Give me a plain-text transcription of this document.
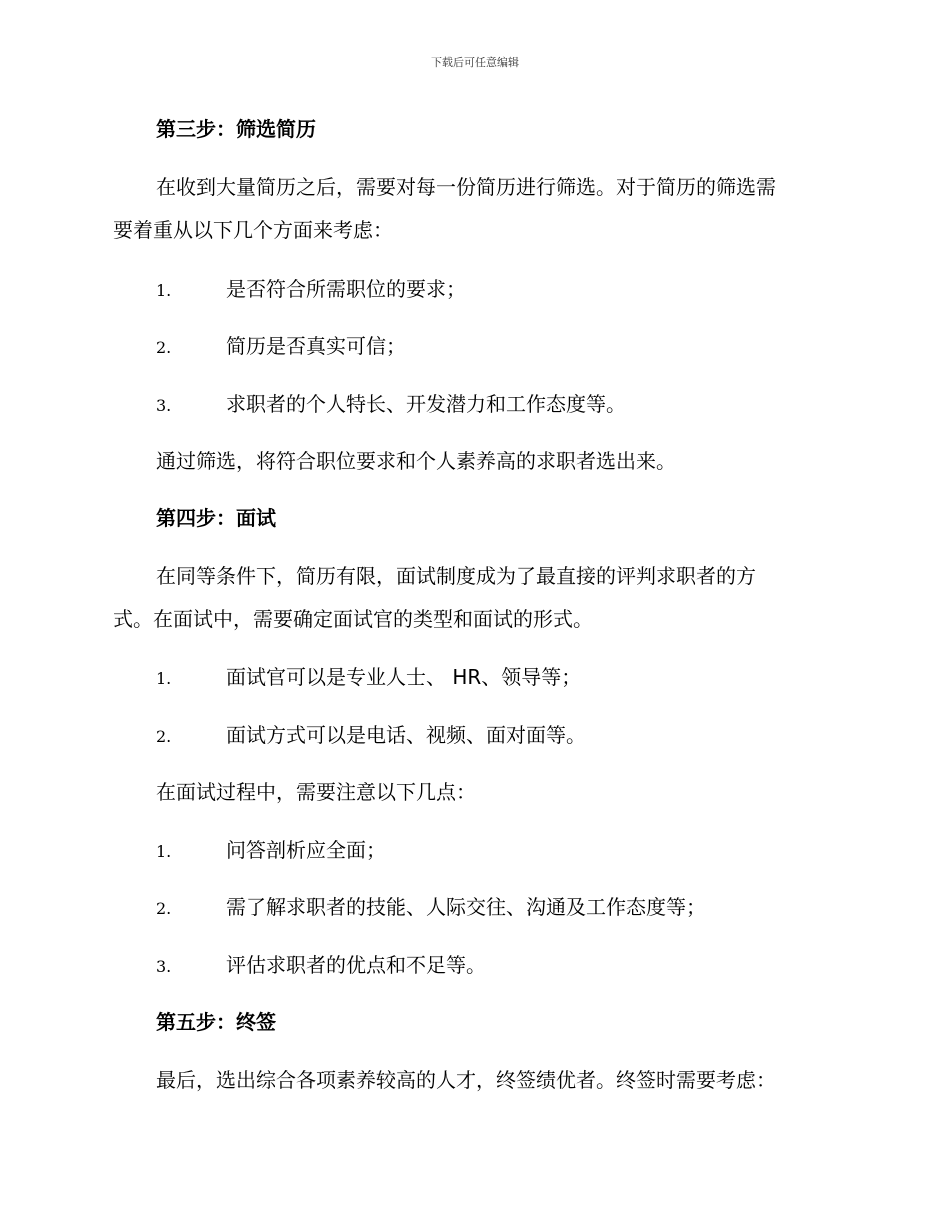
下载后可任意编辑
第三步：筛选简历
在收到大量简历之后，需要对每一份简历进行筛选。对于简历的筛选需
要着重从以下几个方面来考虑：
1.	是否符合所需职位的要求；
2.	简历是否真实可信；
3.	求职者的个人特长、开发潜力和工作态度等。
通过筛选，将符合职位要求和个人素养高的求职者选出来。
第四步：面试
在同等条件下，简历有限，面试制度成为了最直接的评判求职者的方
式。在面试中，需要确定面试官的类型和面试的形式。
1.	面试官可以是专业人士、 HR、领导等；
2.	面试方式可以是电话、视频、面对面等。
在面试过程中，需要注意以下几点：
1.	问答剖析应全面；
2.	需了解求职者的技能、人际交往、沟通及工作态度等；
3.	评估求职者的优点和不足等。
第五步：终签
最后，选出综合各项素养较高的人才，终签绩优者。终签时需要考虑：
